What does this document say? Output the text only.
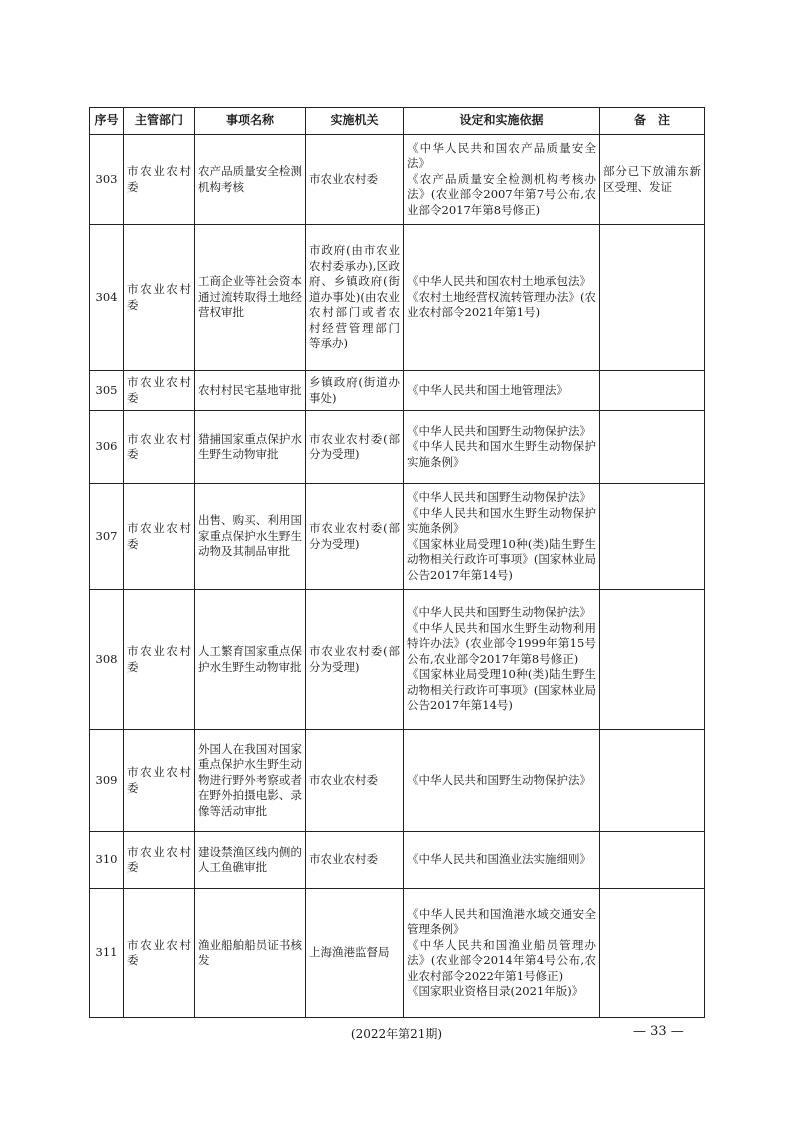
序号	主管部门	事项名称	实施机关	设定和实施依据	备　注
303	市农业农村委	农产品质量安全检测机构考核	市农业农村委	《中华人民共和国农产品质量安全法》
《农产品质量安全检测机构考核办法》(农业部令2007年第7号公布,农业部令2017年第8号修正)	部分已下放浦东新区受理、发证
304	市农业农村委	工商企业等社会资本通过流转取得土地经营权审批	市政府(由市农业农村委承办),区政府、乡镇政府(街道办事处)(由农业农村部门或者农村经营管理部门等承办)	《中华人民共和国农村土地承包法》
《农村土地经营权流转管理办法》(农业农村部令2021年第1号)	

305	市农业农村委	农村村民宅基地审批	乡镇政府(街道办事处)	《中华人民共和国土地管理法》	

306	市农业农村委	猎捕国家重点保护水生野生动物审批	市农业农村委(部分为受理)	《中华人民共和国野生动物保护法》
《中华人民共和国水生野生动物保护实施条例》	

307	市农业农村委	出售、购买、利用国家重点保护水生野生动物及其制品审批	市农业农村委(部分为受理)	《中华人民共和国野生动物保护法》
《中华人民共和国水生野生动物保护实施条例》
《国家林业局受理10种(类)陆生野生动物相关行政许可事项》(国家林业局公告2017年第14号)	

308	市农业农村委	人工繁育国家重点保护水生野生动物审批	市农业农村委(部分为受理)	《中华人民共和国野生动物保护法》
《中华人民共和国水生野生动物利用特许办法》(农业部令1999年第15号公布,农业部令2017年第8号修正)
《国家林业局受理10种(类)陆生野生动物相关行政许可事项》(国家林业局公告2017年第14号)	

309	市农业农村委	外国人在我国对国家重点保护水生野生动物进行野外考察或者在野外拍摄电影、录像等活动审批	市农业农村委	《中华人民共和国野生动物保护法》	

310	市农业农村委	建设禁渔区线内侧的人工鱼礁审批	市农业农村委	《中华人民共和国渔业法实施细则》	

311	市农业农村委	渔业船舶船员证书核发	上海渔港监督局	《中华人民共和国渔港水域交通安全管理条例》
《中华人民共和国渔业船员管理办法》(农业部令2014年第4号公布,农业农村部令2022年第1号修正)
《国家职业资格目录(2021年版)》	

(2022年第21期)	— 33 —
